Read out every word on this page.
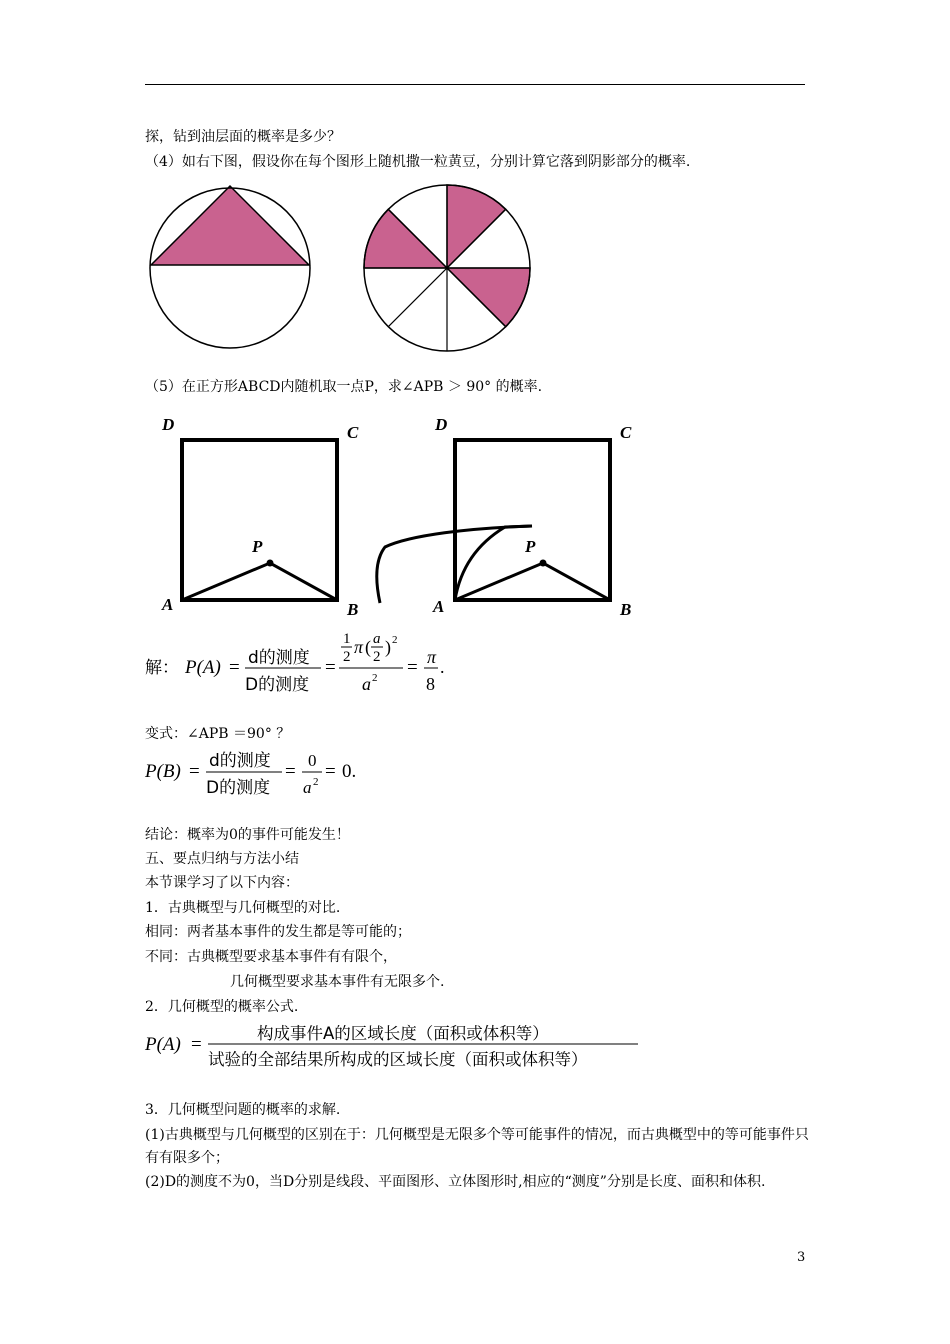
探，钻到油层面的概率是多少？
（4）如右下图，假设你在每个图形上随机撒一粒黄豆，分别计算它落到阴影部分的概率.
（5）在正方形ABCD内随机取一点P，求∠APB ＞ 90° 的概率.
D	C
A	B
P
D	C
A	B
P
解： P(A) = d的测度
D的测度
=
1
2 π ( a
2 ) 2
a 2 = π
8
.
变式：∠APB ＝90° ？
P(B) = d的测度
D的测度
=
0
a 2 = 0.
结论：概率为0的事件可能发生！
五、要点归纳与方法小结
本节课学习了以下内容：
1．古典概型与几何概型的对比.
相同：两者基本事件的发生都是等可能的；
不同：古典概型要求基本事件有有限个，
几何概型要求基本事件有无限多个.
2．几何概型的概率公式.
P(A) =
构成事件A的区域长度（面积或体积等）
试验的全部结果所构成的区域长度（面积或体积等）
3．几何概型问题的概率的求解.
(1)古典概型与几何概型的区别在于：几何概型是无限多个等可能事件的情况，而古典概型中的等可能事件只有有限多个；
(2)D的测度不为0，当D分别是线段、平面图形、立体图形时,相应的“测度”分别是长度、面积和体积.
3
